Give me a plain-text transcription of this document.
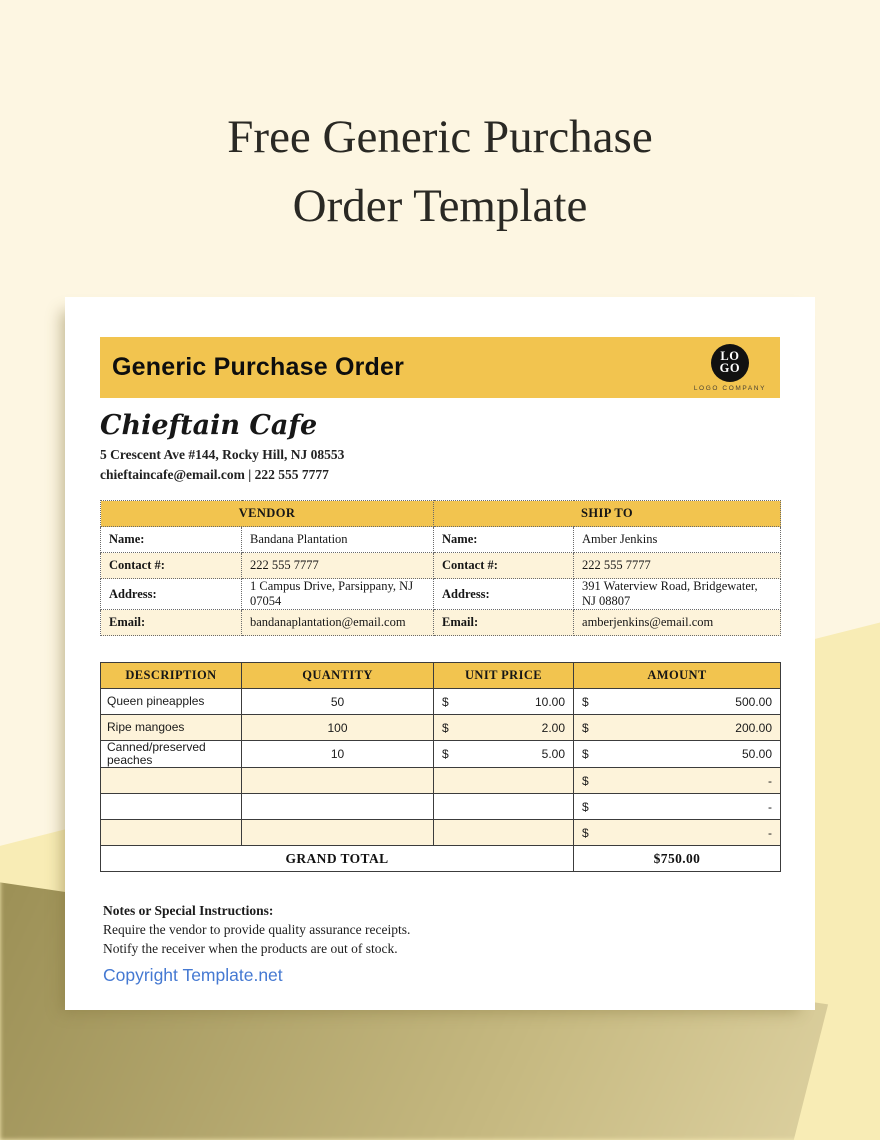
Free Generic Purchase
Order Template
Generic Purchase Order	LO
GO
LOGO COMPANY
Chieftain Cafe
5 Crescent Ave #144, Rocky Hill, NJ 08553
chieftaincafe@email.com | 222 555 7777
VENDOR		SHIP TO	
Name:	Bandana Plantation	Name:	Amber Jenkins
Contact #:	222 555 7777	Contact #:	222 555 7777
Address:	1 Campus Drive, Parsippany, NJ 07054	Address:	391 Waterview Road, Bridgewater, NJ 08807
Email:	bandanaplantation@email.com	Email:	amberjenkins@email.com
DESCRIPTION	QUANTITY	UNIT PRICE	AMOUNT
Queen pineapples	50	$ 10.00	$ 500.00

Ripe mangoes	100	$ 2.00	$ 200.00

Canned/preserved peaches	10	$ 5.00	$ 50.00

			$ -

			$ -

			$ -

GRAND TOTAL			$750.00
Notes or Special Instructions:
Require the vendor to provide quality assurance receipts.
Notify the receiver when the products are out of stock.
Copyright Template.net
